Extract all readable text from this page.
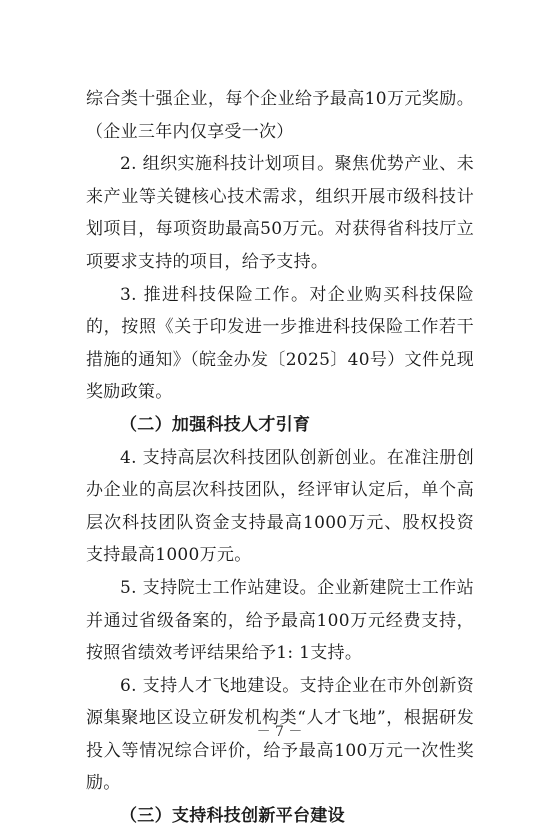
综合类十强企业，每个企业给予最高10万元奖励。（企业三年内仅享受一次）

2. 组织实施科技计划项目。聚焦优势产业、未来产业等关键核心技术需求，组织开展市级科技计划项目，每项资助最高50万元。对获得省科技厅立项要求支持的项目，给予支持。

3. 推进科技保险工作。对企业购买科技保险的，按照《关于印发进一步推进科技保险工作若干措施的通知》（皖金办发〔2025〕40号）文件兑现奖励政策。

（二）加强科技人才引育

4. 支持高层次科技团队创新创业。在准注册创办企业的高层次科技团队，经评审认定后，单个高层次科技团队资金支持最高1000万元、股权投资支持最高1000万元。

5. 支持院士工作站建设。企业新建院士工作站并通过省级备案的，给予最高100万元经费支持，按照省绩效考评结果给予1: 1支持。

6. 支持人才飞地建设。支持企业在市外创新资源集聚地区设立研发机构类“人才飞地”，根据研发投入等情况综合评价，给予最高100万元一次性奖励。

（三）支持科技创新平台建设

－ 7 －
